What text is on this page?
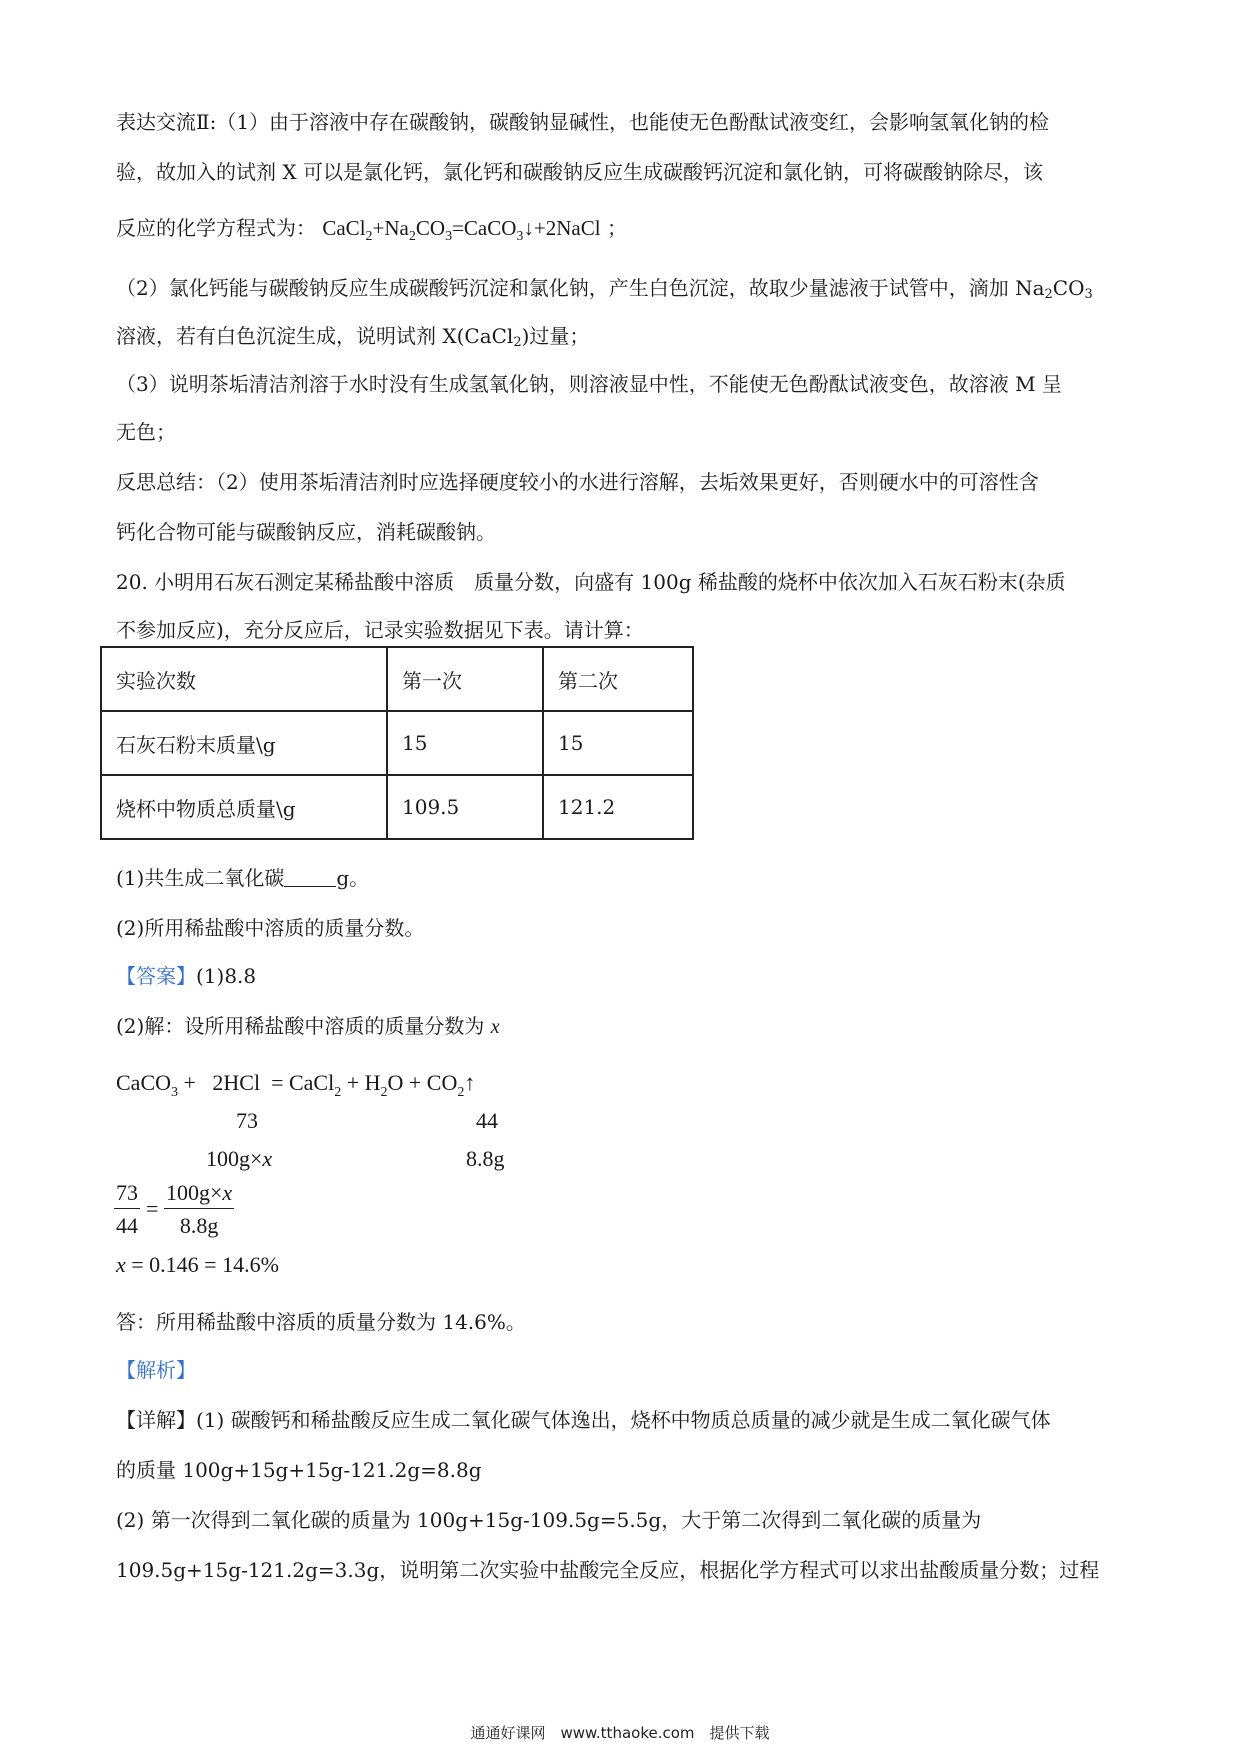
表达交流Ⅱ:（1）由于溶液中存在碳酸钠，碳酸钠显碱性，也能使无色酚酞试液变红，会影响氢氧化钠的检
验，故加入的试剂 X 可以是氯化钙，氯化钙和碳酸钠反应生成碳酸钙沉淀和氯化钠，可将碳酸钠除尽，该
反应的化学方程式为： $CaCl_2+Na_2CO_3=CaCO_3↓+2NaCl$ ；
（2）氯化钙能与碳酸钠反应生成碳酸钙沉淀和氯化钠，产生白色沉淀，故取少量滤液于试管中，滴加 $Na_2CO_3$
溶液，若有白色沉淀生成，说明试剂 X(CaCl$_2$)过量；
（3）说明茶垢清洁剂溶于水时没有生成氢氧化钠，则溶液显中性，不能使无色酚酞试液变色，故溶液 M 呈
无色；
反思总结：（2）使用茶垢清洁剂时应选择硬度较小的水进行溶解，去垢效果更好，否则硬水中的可溶性含
钙化合物可能与碳酸钠反应，消耗碳酸钠。
20. 小明用石灰石测定某稀盐酸中溶质　质量分数，向盛有 100g 稀盐酸的烧杯中依次加入石灰石粉末(杂质
不参加反应)，充分反应后，记录实验数据见下表。请计算：
实验次数	第一次	第二次
石灰石粉末质量\g	15	15
烧杯中物质总质量\g	109.5	121.2
(1)共生成二氧化碳	g。
(2)所用稀盐酸中溶质的质量分数。
【答案】(1)8.8
(2)解：设所用稀盐酸中溶质的质量分数为 x
CaCO$_3$ +   2HCl  = CaCl$_2$ + $H_2O$ + $CO_2↑$
73	44
100g×x	8.8g
$\frac{73}{44} = \frac{100g\times x}{8.8g}$
x = 0.146 = 14.6%
答：所用稀盐酸中溶质的质量分数为 14.6%。
【解析】
【详解】(1) 碳酸钙和稀盐酸反应生成二氧化碳气体逸出，烧杯中物质总质量的减少就是生成二氧化碳气体
的质量 100g+15g+15g-121.2g=8.8g
(2) 第一次得到二氧化碳的质量为 100g+15g-109.5g=5.5g，大于第二次得到二氧化碳的质量为
109.5g+15g-121.2g=3.3g，说明第二次实验中盐酸完全反应，根据化学方程式可以求出盐酸质量分数；过程
通通好课网　www.tthaoke.com　提供下载
